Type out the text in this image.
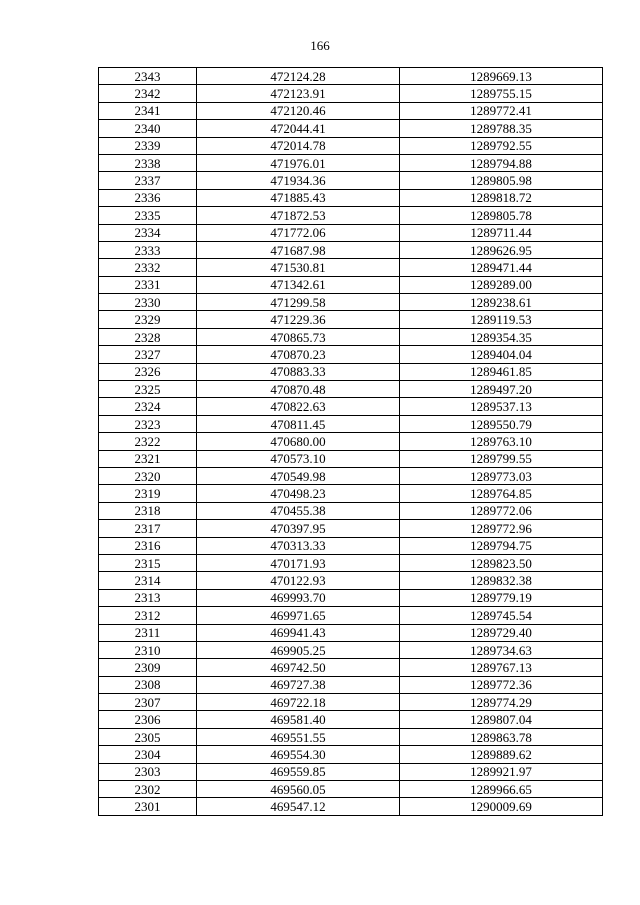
166
2343	472124.28	1289669.13
2342	472123.91	1289755.15
2341	472120.46	1289772.41
2340	472044.41	1289788.35
2339	472014.78	1289792.55
2338	471976.01	1289794.88
2337	471934.36	1289805.98
2336	471885.43	1289818.72
2335	471872.53	1289805.78
2334	471772.06	1289711.44
2333	471687.98	1289626.95
2332	471530.81	1289471.44
2331	471342.61	1289289.00
2330	471299.58	1289238.61
2329	471229.36	1289119.53
2328	470865.73	1289354.35
2327	470870.23	1289404.04
2326	470883.33	1289461.85
2325	470870.48	1289497.20
2324	470822.63	1289537.13
2323	470811.45	1289550.79
2322	470680.00	1289763.10
2321	470573.10	1289799.55
2320	470549.98	1289773.03
2319	470498.23	1289764.85
2318	470455.38	1289772.06
2317	470397.95	1289772.96
2316	470313.33	1289794.75
2315	470171.93	1289823.50
2314	470122.93	1289832.38
2313	469993.70	1289779.19
2312	469971.65	1289745.54
2311	469941.43	1289729.40
2310	469905.25	1289734.63
2309	469742.50	1289767.13
2308	469727.38	1289772.36
2307	469722.18	1289774.29
2306	469581.40	1289807.04
2305	469551.55	1289863.78
2304	469554.30	1289889.62
2303	469559.85	1289921.97
2302	469560.05	1289966.65
2301	469547.12	1290009.69
